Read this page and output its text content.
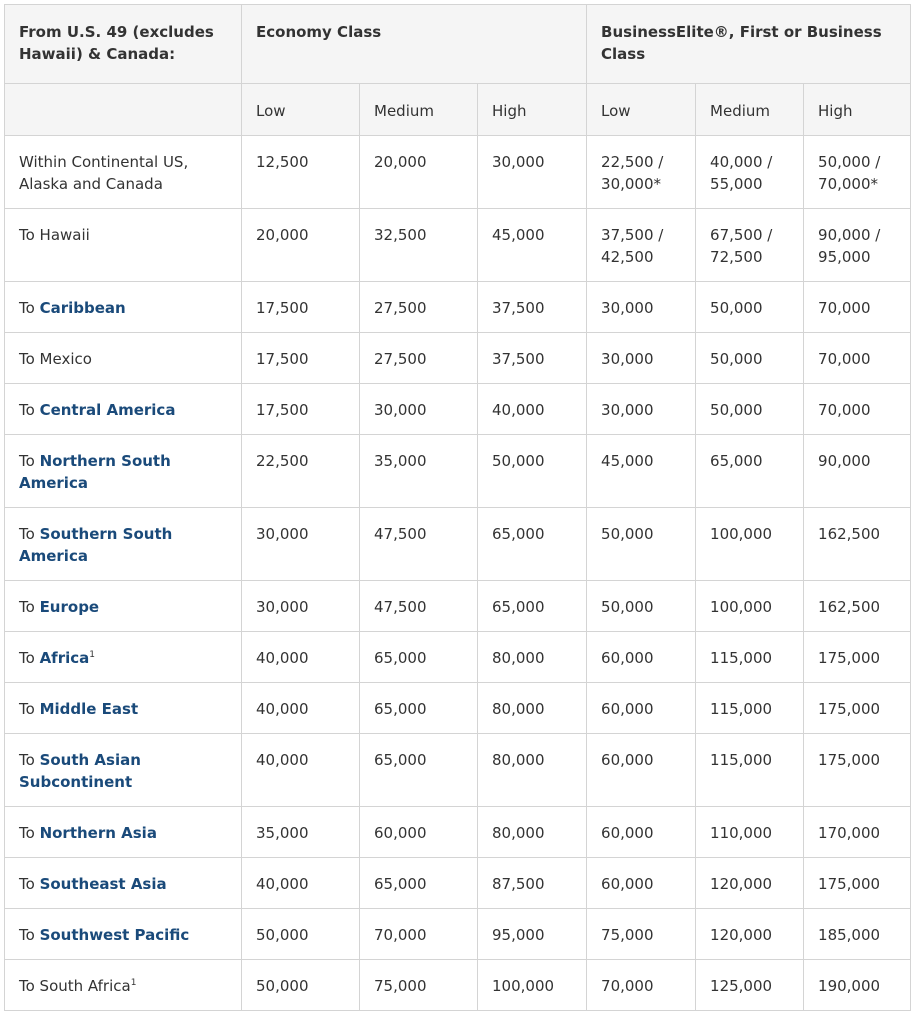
From U.S. 49 (excludes Hawaii) & Canada:	Economy Class			BusinessElite®, First or Business Class		
	Low	Medium	High	Low	Medium	High
Within Continental US, Alaska and Canada	12,500	20,000	30,000	22,500 / 30,000*	40,000 / 55,000	50,000 / 70,000*
To Hawaii	20,000	32,500	45,000	37,500 / 42,500	67,500 / 72,500	90,000 / 95,000
To Caribbean	17,500	27,500	37,500	30,000	50,000	70,000
To Mexico	17,500	27,500	37,500	30,000	50,000	70,000
To Central America	17,500	30,000	40,000	30,000	50,000	70,000
To Northern South America	22,500	35,000	50,000	45,000	65,000	90,000
To Southern South America	30,000	47,500	65,000	50,000	100,000	162,500
To Europe	30,000	47,500	65,000	50,000	100,000	162,500
To Africa$^1$	40,000	65,000	80,000	60,000	115,000	175,000
To Middle East	40,000	65,000	80,000	60,000	115,000	175,000
To South Asian Subcontinent	40,000	65,000	80,000	60,000	115,000	175,000
To Northern Asia	35,000	60,000	80,000	60,000	110,000	170,000
To Southeast Asia	40,000	65,000	87,500	60,000	120,000	175,000
To Southwest Pacific	50,000	70,000	95,000	75,000	120,000	185,000
To South Africa$^1$	50,000	75,000	100,000	70,000	125,000	190,000
